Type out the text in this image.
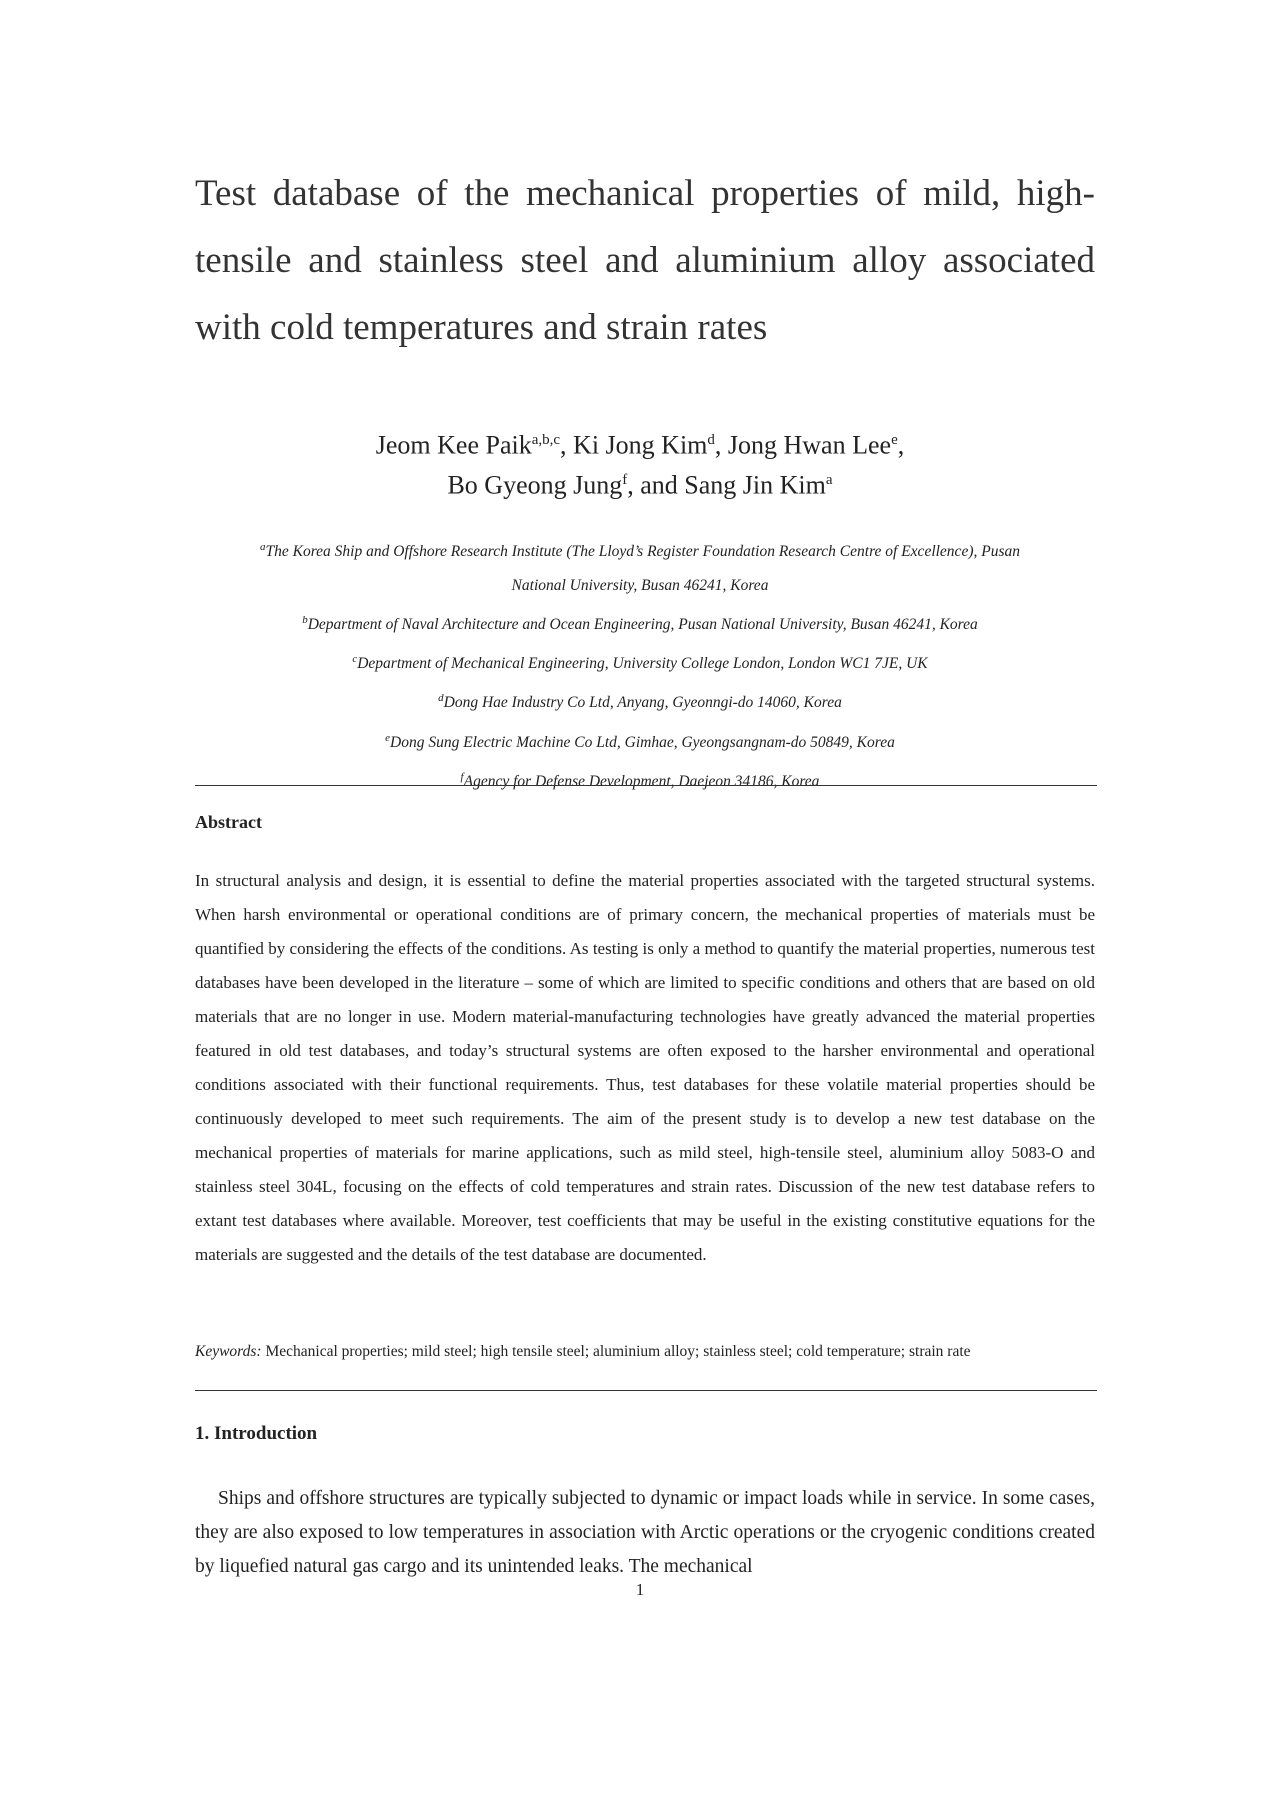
Test database of the mechanical properties of mild, high-tensile and stainless steel and aluminium alloy associated with cold temperatures and strain rates
Jeom Kee Paik$^{a,b,c}$, Ki Jong Kim$^d$, Jong Hwan Lee$^e$,
Bo Gyeong Jung$^f$, and Sang Jin Kim$^a$
$^a$The Korea Ship and Offshore Research Institute (The Lloyd’s Register Foundation Research Centre of Excellence), Pusan
National University, Busan 46241, Korea
$^b$Department of Naval Architecture and Ocean Engineering, Pusan National University, Busan 46241, Korea
$^c$Department of Mechanical Engineering, University College London, London WC1 7JE, UK
$^d$Dong Hae Industry Co Ltd, Anyang, Gyeonngi-do 14060, Korea
$^e$Dong Sung Electric Machine Co Ltd, Gimhae, Gyeongsangnam-do 50849, Korea
$^f$Agency for Defense Development, Daejeon 34186, Korea
Abstract
In structural analysis and design, it is essential to define the material properties associated with the targeted structural systems. When harsh environmental or operational conditions are of primary concern, the mechanical properties of materials must be quantified by considering the effects of the conditions. As testing is only a method to quantify the material properties, numerous test databases have been developed in the literature – some of which are limited to specific conditions and others that are based on old materials that are no longer in use. Modern material-manufacturing technologies have greatly advanced the material properties featured in old test databases, and today’s structural systems are often exposed to the harsher environmental and operational conditions associated with their functional requirements. Thus, test databases for these volatile material properties should be continuously developed to meet such requirements. The aim of the present study is to develop a new test database on the mechanical properties of materials for marine applications, such as mild steel, high-tensile steel, aluminium alloy 5083-O and stainless steel 304L, focusing on the effects of cold temperatures and strain rates. Discussion of the new test database refers to extant test databases where available. Moreover, test coefficients that may be useful in the existing constitutive equations for the materials are suggested and the details of the test database are documented.
Keywords: Mechanical properties; mild steel; high tensile steel; aluminium alloy; stainless steel; cold temperature; strain rate
1. Introduction
Ships and offshore structures are typically subjected to dynamic or impact loads while in service. In some cases, they are also exposed to low temperatures in association with Arctic operations or the cryogenic conditions created by liquefied natural gas cargo and its unintended leaks. The mechanical
1
